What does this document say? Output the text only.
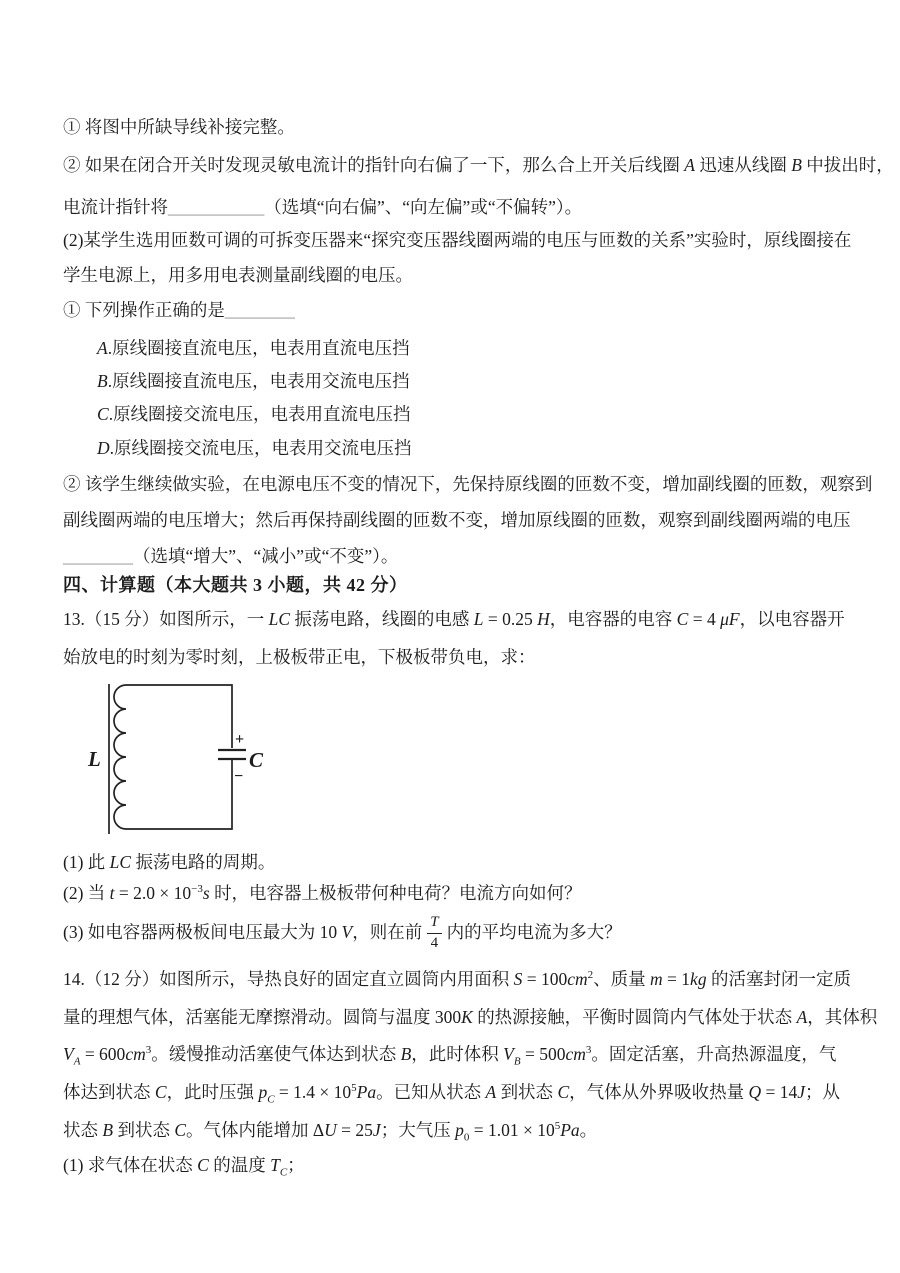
① 将图中所缺导线补接完整。
② 如果在闭合开关时发现灵敏电流计的指针向右偏了一下，那么合上开关后线圈 A 迅速从线圈 B 中拔出时，
电流计指针将___________（选填“向右偏”、“向左偏”或“不偏转”）。
(2)某学生选用匝数可调的可拆变压器来“探究变压器线圈两端的电压与匝数的关系”实验时，原线圈接在
学生电源上，用多用电表测量副线圈的电压。
① 下列操作正确的是________
A.原线圈接直流电压，电表用直流电压挡
B.原线圈接直流电压，电表用交流电压挡
C.原线圈接交流电压，电表用直流电压挡
D.原线圈接交流电压，电表用交流电压挡
② 该学生继续做实验，在电源电压不变的情况下，先保持原线圈的匝数不变，增加副线圈的匝数，观察到
副线圈两端的电压增大；然后再保持副线圈的匝数不变，增加原线圈的匝数，观察到副线圈两端的电压
________（选填“增大”、“减小”或“不变”）。
四、计算题（本大题共 3 小题，共 42 分）
13.（15 分）如图所示，一 LC 振荡电路，线圈的电感 L = 0.25 H，电容器的电容 C = 4 μF，以电容器开
始放电的时刻为零时刻，上极板带正电，下极板带负电，求：
L
+
−
C
(1) 此 LC 振荡电路的周期。
(2) 当 $t = 2.0 \times 10^{-3}s$ 时，电容器上极板带何种电荷？电流方向如何？
(3) 如电容器两极板间电压最大为 10 V，则在前 $\frac{T}{4}$ 内的平均电流为多大？
14.（12 分）如图所示，导热良好的固定直立圆筒内用面积 $S = 100cm^2$、质量 m = 1kg 的活塞封闭一定质
量的理想气体，活塞能无摩擦滑动。圆筒与温度 300K 的热源接触，平衡时圆筒内气体处于状态 A，其体积
$V_A = 600cm^3$。缓慢推动活塞使气体达到状态 B，此时体积 $V_B = 500cm^3$。固定活塞，升高热源温度，气
体达到状态 C，此时压强 $p_C = 1.4 \times 10^5Pa$。已知从状态 A 到状态 C，气体从外界吸收热量 Q = 14J；从
状态 B 到状态 C。气体内能增加 ΔU = 25J；大气压 $p_0 = 1.01 \times 10^5Pa$。
(1) 求气体在状态 C 的温度 $T_C$；
